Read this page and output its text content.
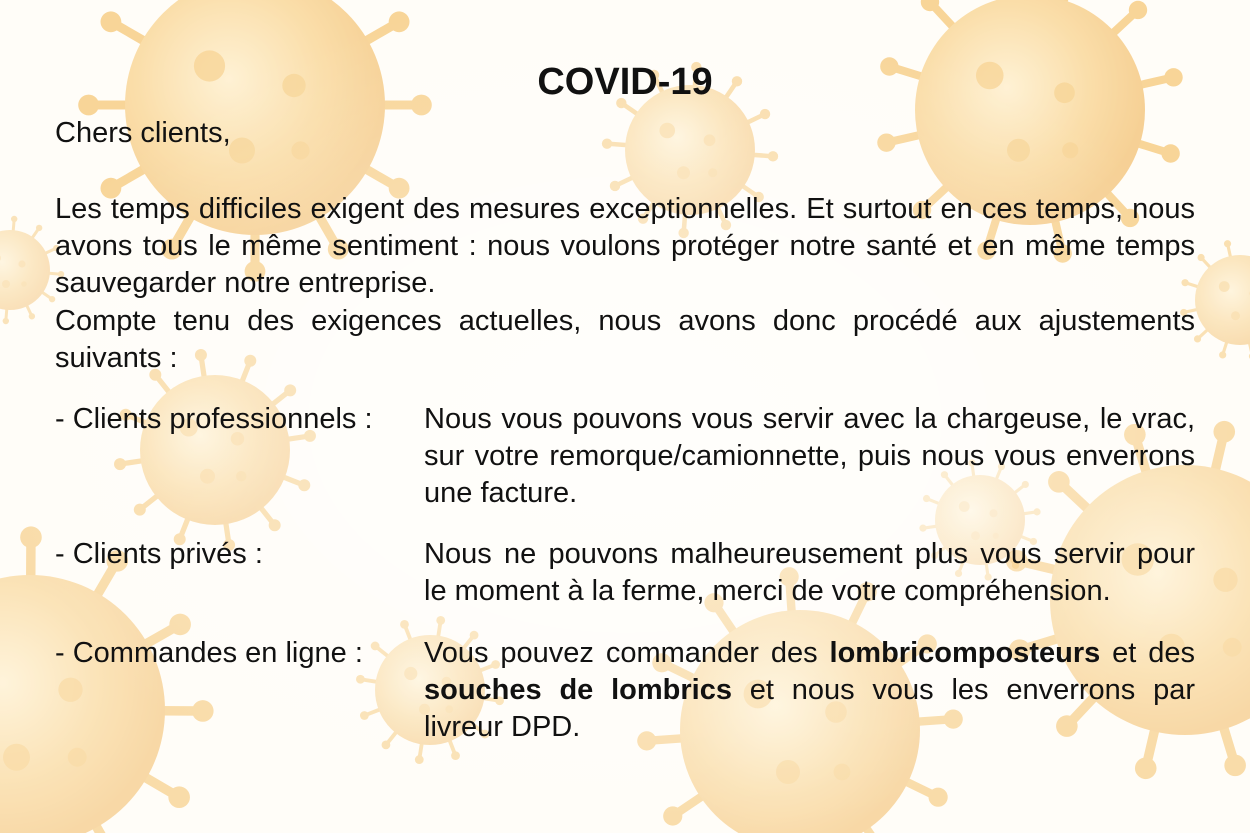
COVID-19
Chers clients,
Les temps difficiles exigent des mesures exceptionnelles. Et surtout en ces temps, nous avons tous le même sentiment : nous voulons protéger notre santé et en même temps sauvegarder notre entreprise.
Compte tenu des exigences actuelles, nous avons donc procédé aux ajustements suivants :
- Clients professionnels : Nous vous pouvons vous servir avec la chargeuse, le vrac, sur votre remorque/camionnette, puis nous vous enverrons une facture.
- Clients privés :	Nous ne pouvons malheureusement plus vous servir pour le moment à la ferme, merci de votre compréhension.
- Commandes en ligne : Vous pouvez commander des lombricomposteurs et des souches de lombrics et nous vous les enverrons par livreur DPD.
